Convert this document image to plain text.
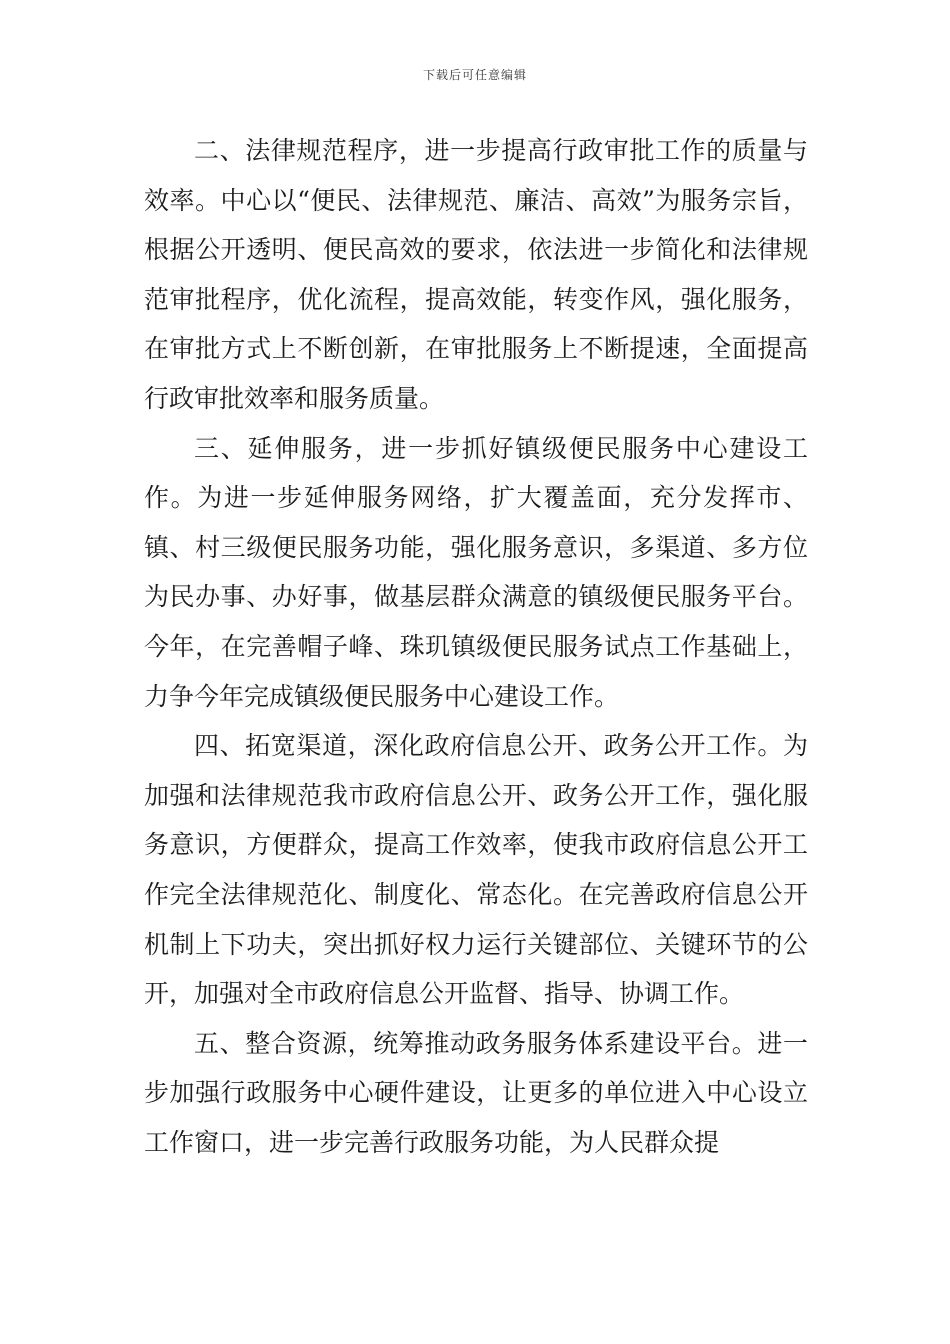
下载后可任意编辑

二、法律规范程序，进一步提高行政审批工作的质量与效率。中心以“便民、法律规范、廉洁、高效”为服务宗旨，根据公开透明、便民高效的要求，依法进一步简化和法律规范审批程序，优化流程，提高效能，转变作风，强化服务，在审批方式上不断创新，在审批服务上不断提速，全面提高行政审批效率和服务质量。

三、延伸服务，进一步抓好镇级便民服务中心建设工作。为进一步延伸服务网络，扩大覆盖面，充分发挥市、镇、村三级便民服务功能，强化服务意识，多渠道、多方位为民办事、办好事，做基层群众满意的镇级便民服务平台。今年，在完善帽子峰、珠玑镇级便民服务试点工作基础上，力争今年完成镇级便民服务中心建设工作。

四、拓宽渠道，深化政府信息公开、政务公开工作。为加强和法律规范我市政府信息公开、政务公开工作，强化服务意识，方便群众，提高工作效率，使我市政府信息公开工作完全法律规范化、制度化、常态化。在完善政府信息公开机制上下功夫，突出抓好权力运行关键部位、关键环节的公开，加强对全市政府信息公开监督、指导、协调工作。

五、整合资源，统筹推动政务服务体系建设平台。进一步加强行政服务中心硬件建设，让更多的单位进入中心设立工作窗口，进一步完善行政服务功能，为人民群众提
